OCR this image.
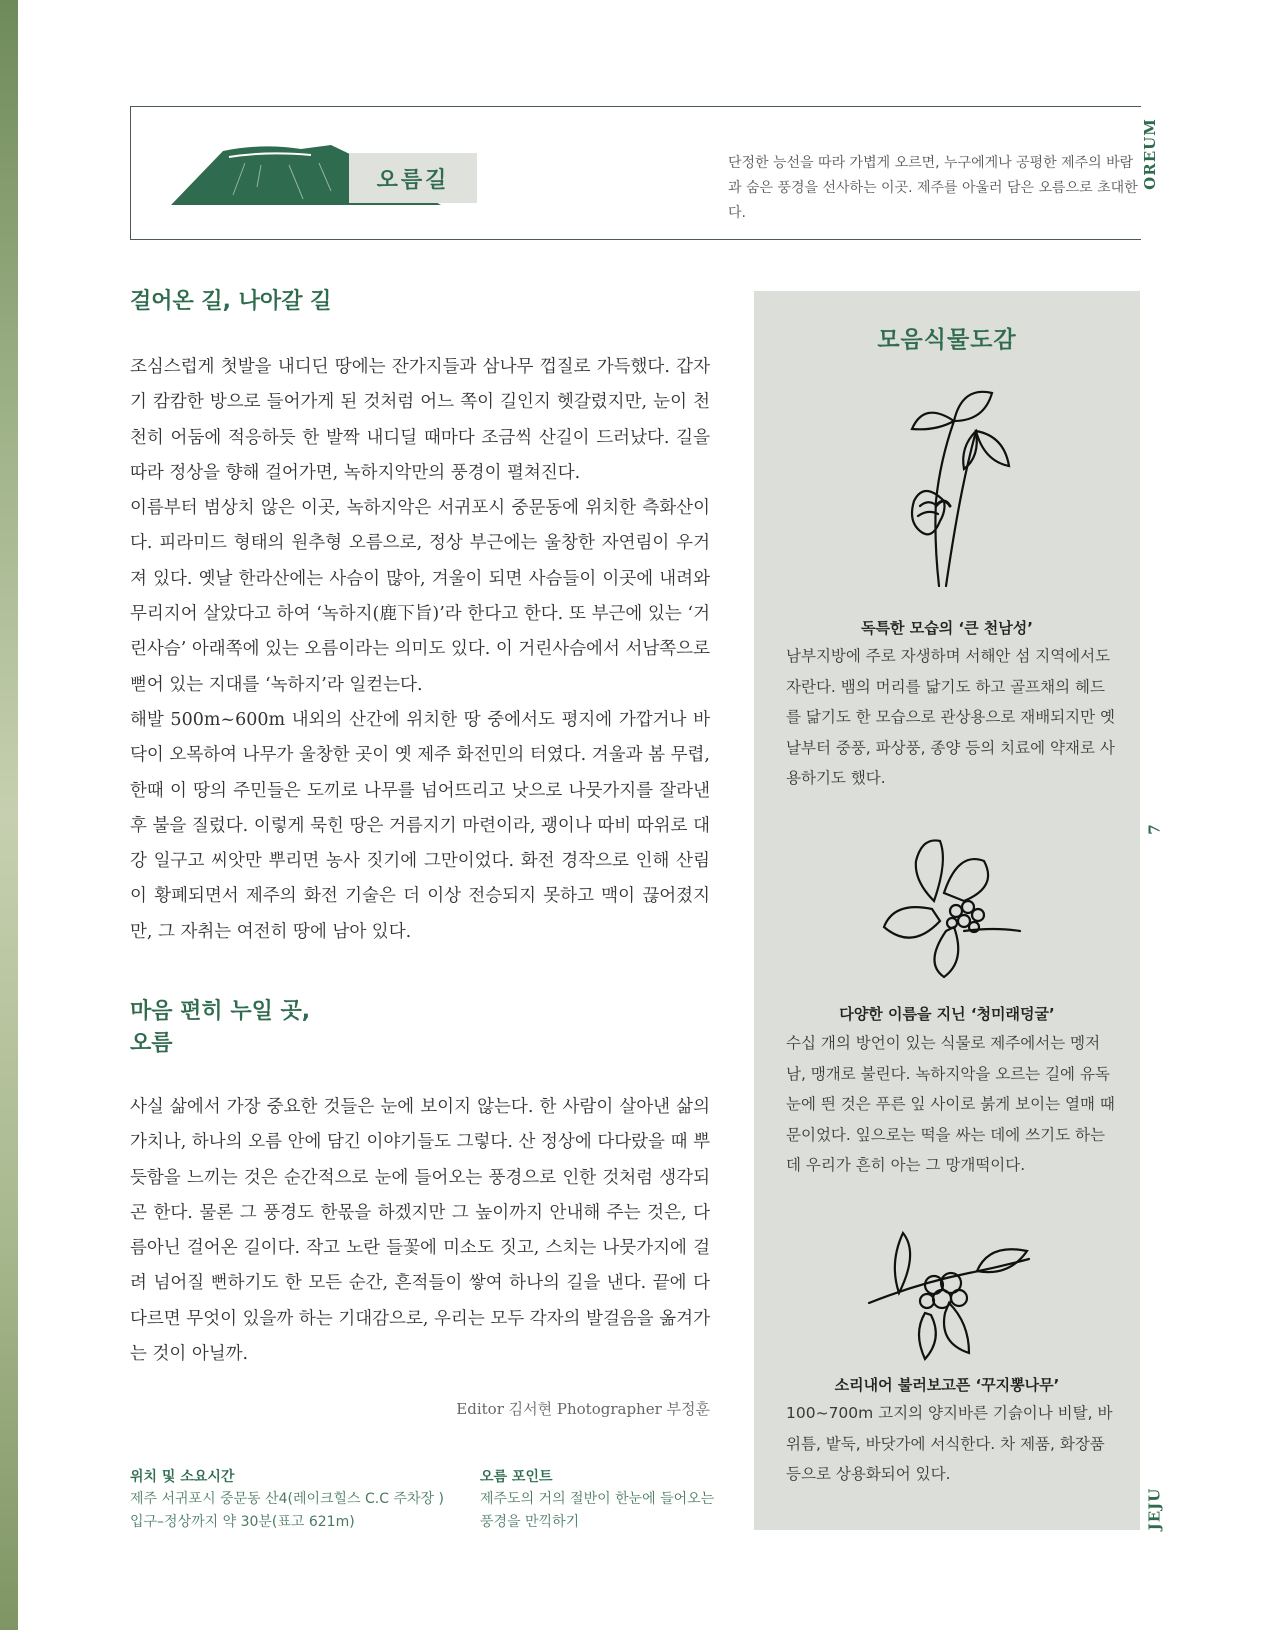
OREUM
7
JEJU
오름길
단정한 능선을 따라 가볍게 오르면, 누구에게나 공평한 제주의 바람과 숨은 풍경을 선사하는 이곳. 제주를 아울러 담은 오름으로 초대한다.
걸어온 길, 나아갈 길

조심스럽게 첫발을 내디딘 땅에는 잔가지들과 삼나무 껍질로 가득했다. 갑자기 캄캄한 방으로 들어가게 된 것처럼 어느 쪽이 길인지 헷갈렸지만, 눈이 천천히 어둠에 적응하듯 한 발짝 내디딜 때마다 조금씩 산길이 드러났다. 길을 따라 정상을 향해 걸어가면, 녹하지악만의 풍경이 펼쳐진다.

이름부터 범상치 않은 이곳, 녹하지악은 서귀포시 중문동에 위치한 측화산이다. 피라미드 형태의 원추형 오름으로, 정상 부근에는 울창한 자연림이 우거져 있다. 옛날 한라산에는 사슴이 많아, 겨울이 되면 사슴들이 이곳에 내려와 무리지어 살았다고 하여 ‘녹하지(鹿下旨)’라 한다고 한다. 또 부근에 있는 ‘거린사슴’ 아래쪽에 있는 오름이라는 의미도 있다. 이 거린사슴에서 서남쪽으로 뻗어 있는 지대를 ‘녹하지’라 일컫는다.

해발 500m~600m 내외의 산간에 위치한 땅 중에서도 평지에 가깝거나 바닥이 오목하여 나무가 울창한 곳이 옛 제주 화전민의 터였다. 겨울과 봄 무렵, 한때 이 땅의 주민들은 도끼로 나무를 넘어뜨리고 낫으로 나뭇가지를 잘라낸 후 불을 질렀다. 이렇게 묵힌 땅은 거름지기 마련이라, 괭이나 따비 따위로 대강 일구고 씨앗만 뿌리면 농사 짓기에 그만이었다. 화전 경작으로 인해 산림이 황폐되면서 제주의 화전 기술은 더 이상 전승되지 못하고 맥이 끊어졌지만, 그 자취는 여전히 땅에 남아 있다.

마음 편히 누일 곳,
오름

사실 삶에서 가장 중요한 것들은 눈에 보이지 않는다. 한 사람이 살아낸 삶의 가치나, 하나의 오름 안에 담긴 이야기들도 그렇다. 산 정상에 다다랐을 때 뿌듯함을 느끼는 것은 순간적으로 눈에 들어오는 풍경으로 인한 것처럼 생각되곤 한다. 물론 그 풍경도 한몫을 하겠지만 그 높이까지 안내해 주는 것은, 다름아닌 걸어온 길이다. 작고 노란 들꽃에 미소도 짓고, 스치는 나뭇가지에 걸려 넘어질 뻔하기도 한 모든 순간, 흔적들이 쌓여 하나의 길을 낸다. 끝에 다다르면 무엇이 있을까 하는 기대감으로, 우리는 모두 각자의 발걸음을 옮겨가는 것이 아닐까.

Editor 김서현 Photographer 부정훈
위치 및 소요시간
제주 서귀포시 중문동 산4(레이크힐스 C.C 주차장 )
입구–정상까지 약 30분(표고 621m)
오름 포인트
제주도의 거의 절반이 한눈에 들어오는
풍경을 만끽하기
모음식물도감
독특한 모습의 ‘큰 천남성’
남부지방에 주로 자생하며 서해안 섬 지역에서도 자란다. 뱀의 머리를 닮기도 하고 골프채의 헤드를 닮기도 한 모습으로 관상용으로 재배되지만 옛날부터 중풍, 파상풍, 종양 등의 치료에 약재로 사용하기도 했다.
다양한 이름을 지닌 ‘청미래덩굴’
수십 개의 방언이 있는 식물로 제주에서는 멩저남, 맹개로 불린다. 녹하지악을 오르는 길에 유독 눈에 띈 것은 푸른 잎 사이로 붉게 보이는 열매 때문이었다. 잎으로는 떡을 싸는 데에 쓰기도 하는데 우리가 흔히 아는 그 망개떡이다.
소리내어 불러보고픈 ‘꾸지뽕나무’
100~700m 고지의 양지바른 기슭이나 비탈, 바위틈, 밭둑, 바닷가에 서식한다. 차 제품, 화장품 등으로 상용화되어 있다.
